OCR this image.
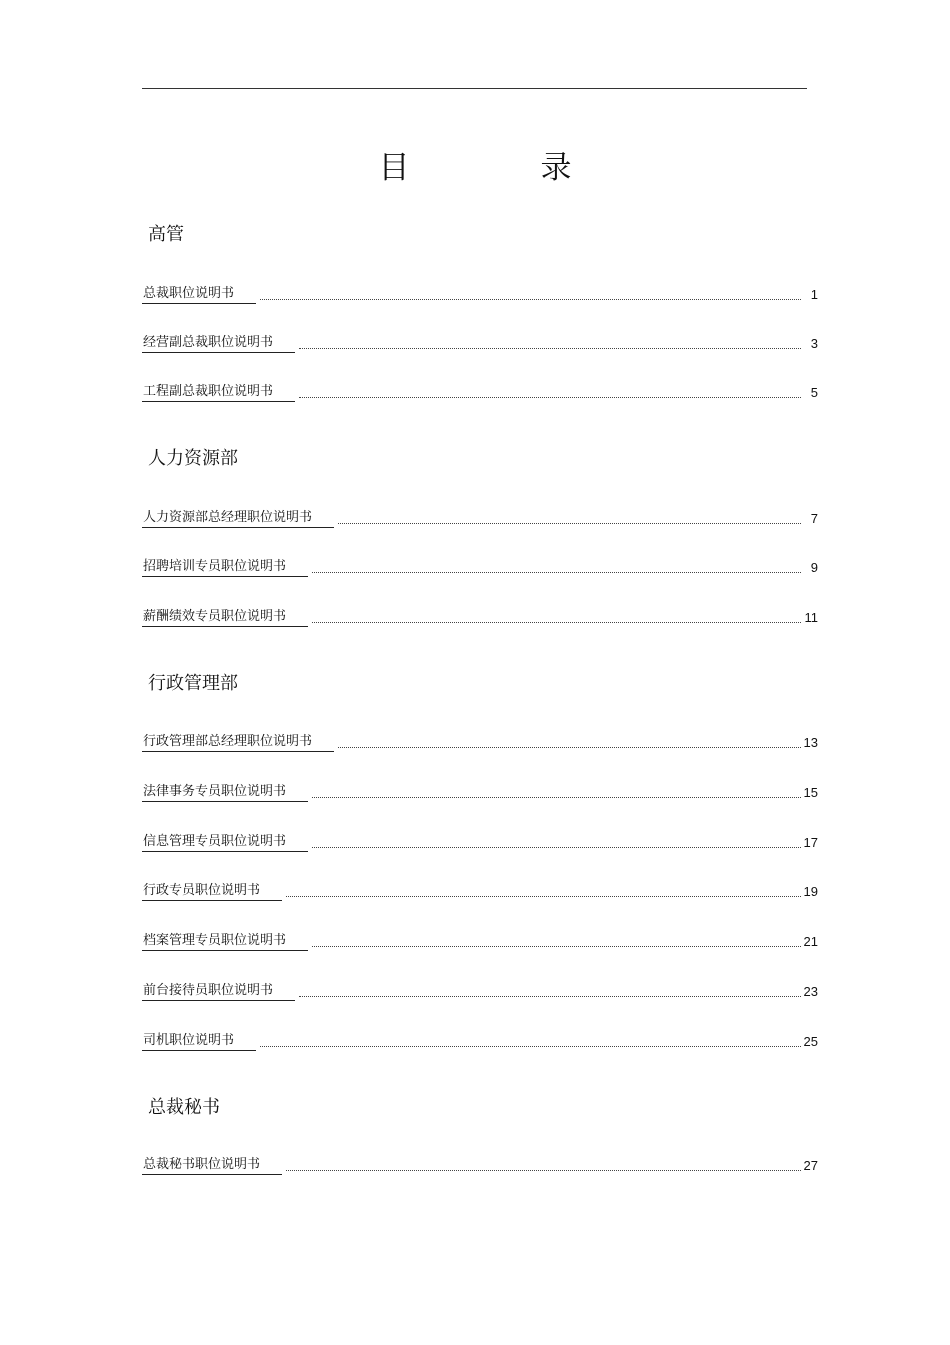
目　录
高管
总裁职位说明书	1
经营副总裁职位说明书	3
工程副总裁职位说明书	5
人力资源部
人力资源部总经理职位说明书	7
招聘培训专员职位说明书	9
薪酬绩效专员职位说明书	11
行政管理部
行政管理部总经理职位说明书	13
法律事务专员职位说明书	15
信息管理专员职位说明书	17
行政专员职位说明书	19
档案管理专员职位说明书	21
前台接待员职位说明书	23
司机职位说明书	25
总裁秘书
总裁秘书职位说明书	27
